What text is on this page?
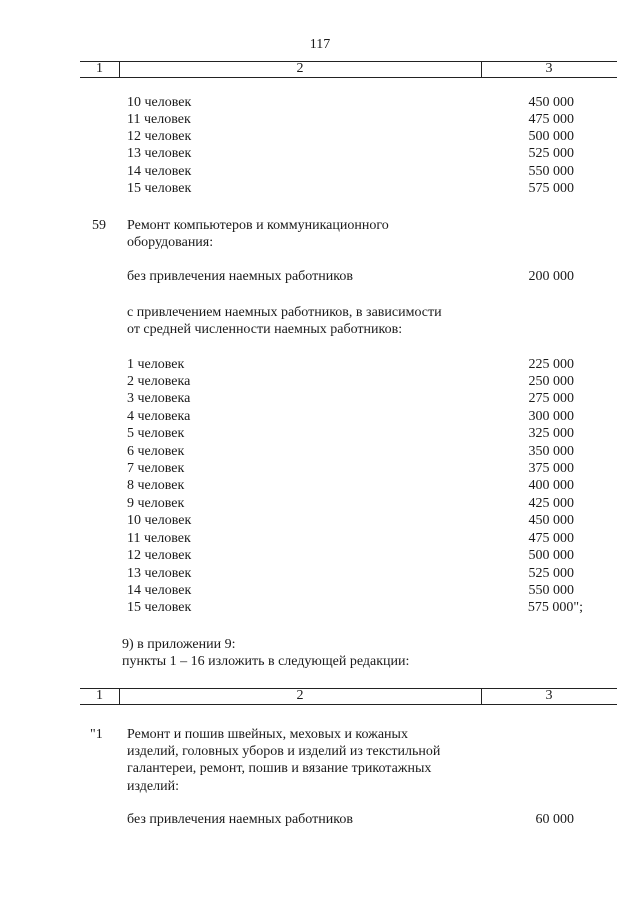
117
1	2	3
10 человек	450 000
11 человек	475 000
12 человек	500 000
13 человек	525 000
14 человек	550 000
15 человек	575 000
59 Ремонт компьютеров и коммуникационного
оборудования:
без привлечения наемных работников	200 000
с привлечением наемных работников, в зависимости
от средней численности наемных работников:
1 человек	225 000
2 человека	250 000
3 человека	275 000
4 человека	300 000
5 человек	325 000
6 человек	350 000
7 человек	375 000
8 человек	400 000
9 человек	425 000
10 человек	450 000
11 человек	475 000
12 человек	500 000
13 человек	525 000
14 человек	550 000
15 человек	575 000";
9) в приложении 9:
пункты 1 – 16 изложить в следующей редакции:
1	2	3
"1 Ремонт и пошив швейных, меховых и кожаных
изделий, головных уборов и изделий из текстильной
галантереи, ремонт, пошив и вязание трикотажных
изделий:
без привлечения наемных работников	60 000
